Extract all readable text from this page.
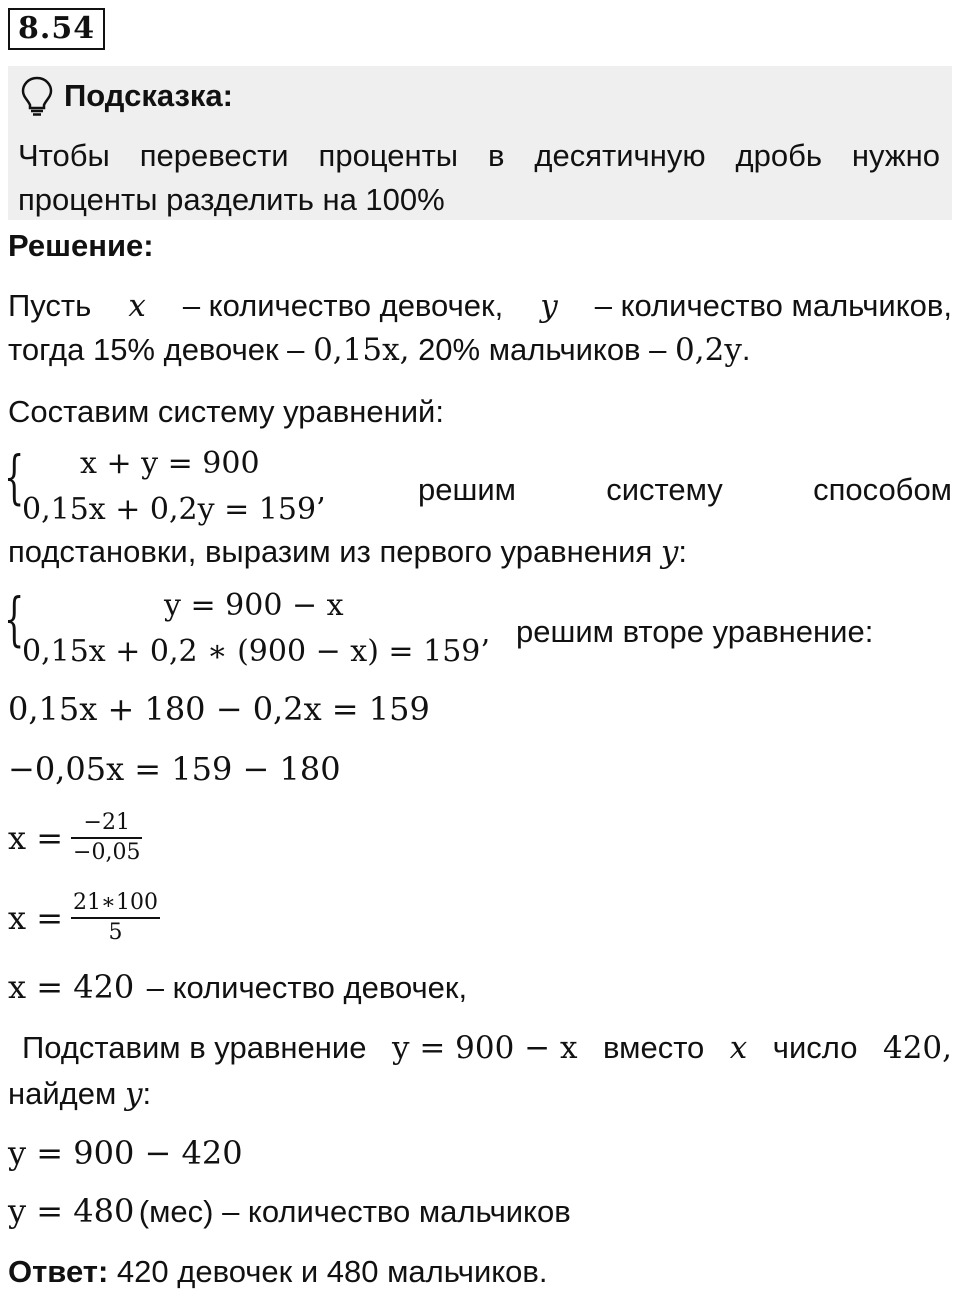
8.54
Подсказка:
Чтобы перевести проценты в десятичную дробь нужно
проценты разделить на 100%
Решение:
Пусть x – количество девочек, y – количество мальчиков,
тогда 15% девочек – 0,15x, 20% мальчиков – 0,2y.
Составим систему уравнений:
{ x + y = 900
0,15x + 0,2y = 159’
решим систему способом
подстановки, выразим из первого уравнения y:
{	y = 900 − x
0,15x + 0,2 ∗ (900 − x) = 159’
решим вторе уравнение:
0,15x + 180 − 0,2x = 159
−0,05x = 159 − 180
$x = \frac{-21}{-0,05}$
$x = \frac{21∗100}{5}$
x = 420 – количество девочек,
Подставим в уравнение y = 900 − x вместо x число 420,
найдем y:
y = 900 − 420
y = 480 (мес) – количество мальчиков
Ответ: 420 девочек и 480 мальчиков.
